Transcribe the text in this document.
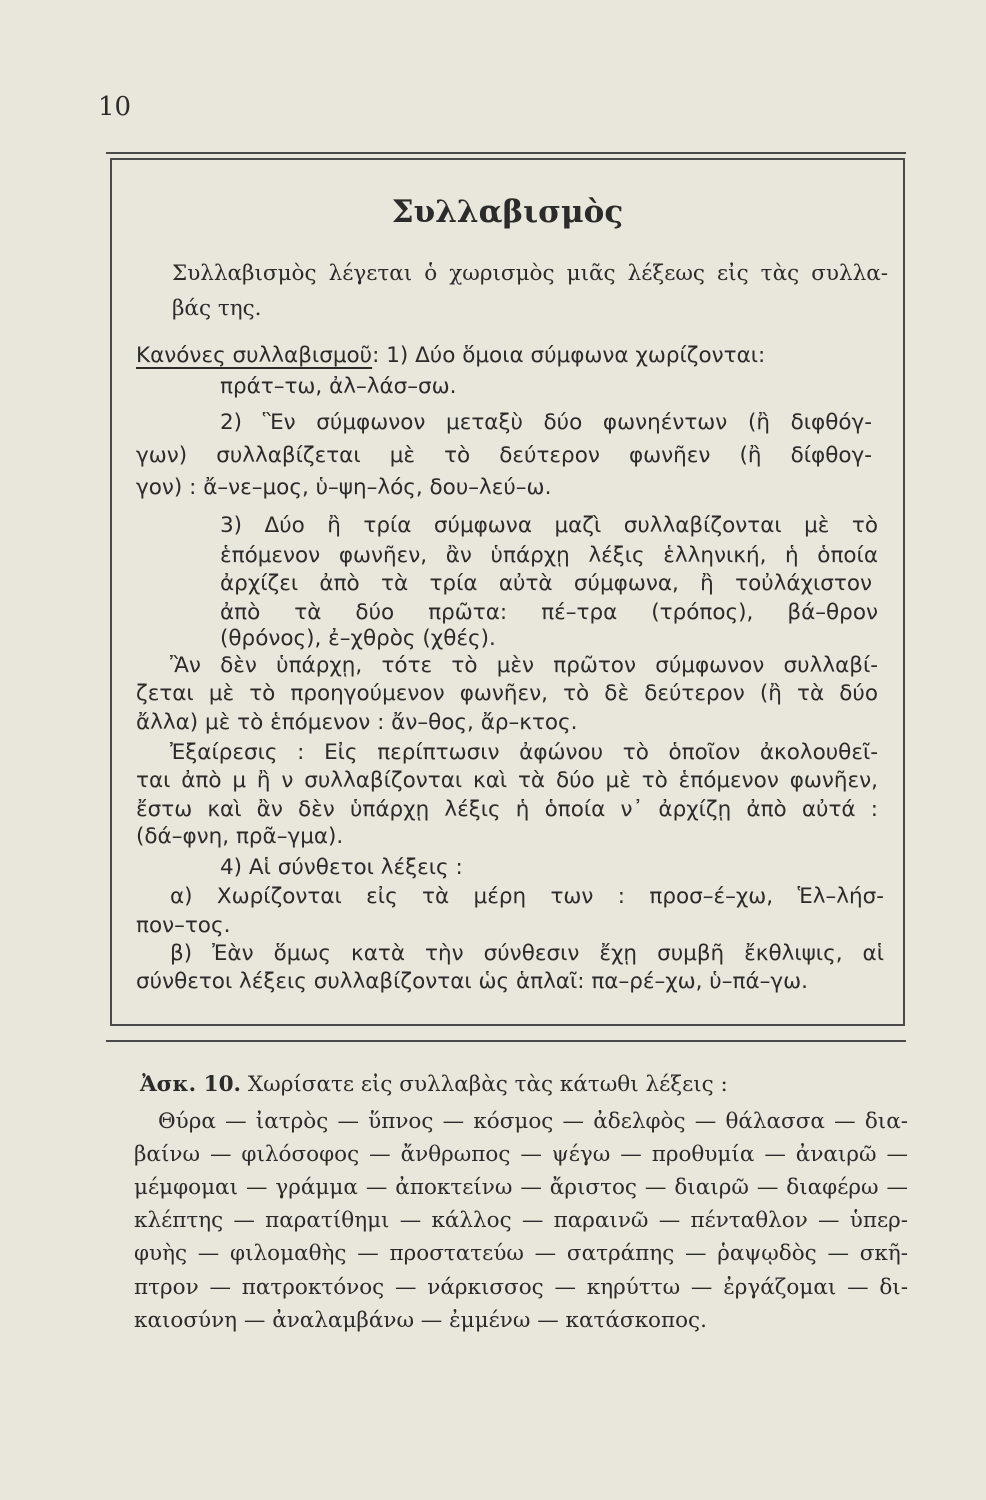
10
Συλλαβισμὸς
Συλλαβισμὸς λέγεται ὁ χωρισμὸς μιᾶς λέξεως εἰς τὰς συλλα-
βάς της.
Κανόνες συλλαβισμοῦ: 1) Δύο ὅμοια σύμφωνα χωρίζονται:
πράτ–τω, ἀλ–λάσ–σω.
2) Ἓν σύμφωνον μεταξὺ δύο φωνηέντων (ἢ διφθόγ-
γων) συλλαβίζεται μὲ τὸ δεύτερον φωνῆεν (ἢ δίφθογ-
γον) : ἄ–νε–μος, ὑ–ψη–λός, δου–λεύ–ω.
3) Δύο ἢ τρία σύμφωνα μαζὶ συλλαβίζονται μὲ τὸ
ἑπόμενον φωνῆεν, ἂν ὑπάρχῃ λέξις ἑλληνική, ἡ ὁποία
ἀρχίζει ἀπὸ τὰ τρία αὐτὰ σύμφωνα, ἢ τοὐλάχιστον
ἀπὸ τὰ δύο πρῶτα: πέ–τρα (τρόπος), βά–θρον
(θρόνος), ἐ–χθρὸς (χθές).
Ἂν δὲν ὑπάρχῃ, τότε τὸ μὲν πρῶτον σύμφωνον συλλαβί-
ζεται μὲ τὸ προηγούμενον φωνῆεν, τὸ δὲ δεύτερον (ἢ τὰ δύο
ἄλλα) μὲ τὸ ἑπόμενον : ἄν–θος, ἄρ–κτος.
Ἐξαίρεσις : Εἰς περίπτωσιν ἀφώνου τὸ ὁποῖον ἀκολουθεῖ-
ται ἀπὸ μ ἢ ν συλλαβίζονται καὶ τὰ δύο μὲ τὸ ἑπόμενον φωνῆεν,
ἔστω καὶ ἂν δὲν ὑπάρχῃ λέξις ἡ ὁποία ν᾽ ἀρχίζῃ ἀπὸ αὐτά :
(δά–φνη, πρᾶ–γμα).
4) Αἱ σύνθετοι λέξεις :
α) Χωρίζονται εἰς τὰ μέρη των : προσ–έ–χω, Ἑλ–λήσ-
πον–τος.
β) Ἐὰν ὅμως κατὰ τὴν σύνθεσιν ἔχῃ συμβῆ ἔκθλιψις, αἱ
σύνθετοι λέξεις συλλαβίζονται ὡς ἁπλαῖ: πα–ρέ–χω, ὑ–πά–γω.
Ἀσκ. 10. Χωρίσατε εἰς συλλαβὰς τὰς κάτωθι λέξεις :
Θύρα — ἰατρὸς — ὕπνος — κόσμος — ἀδελφὸς — θάλασσα — δια-
βαίνω — φιλόσοφος — ἄνθρωπος — ψέγω — προθυμία — ἀναιρῶ —
μέμφομαι — γράμμα — ἀποκτείνω — ἄριστος — διαιρῶ — διαφέρω —
κλέπτης — παρατίθημι — κάλλος — παραινῶ — πένταθλον — ὑπερ-
φυὴς — φιλομαθὴς — προστατεύω — σατράπης — ῥαψῳδὸς — σκῆ-
πτρον — πατροκτόνος — νάρκισσος — κηρύττω — ἐργάζομαι — δι-
καιοσύνη — ἀναλαμβάνω — ἐμμένω — κατάσκοπος.
